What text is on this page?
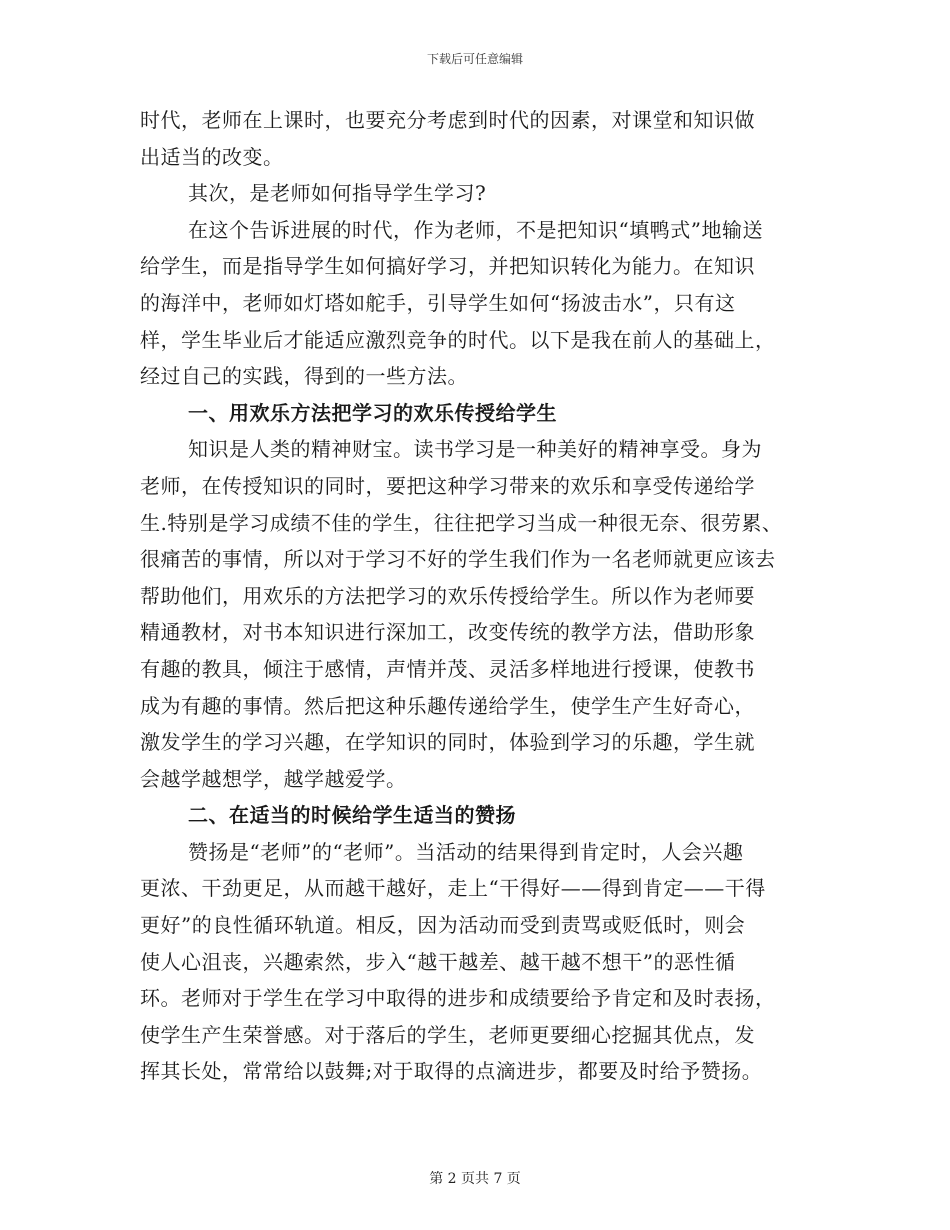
下载后可任意编辑
时代，老师在上课时，也要充分考虑到时代的因素，对课堂和知识做
出适当的改变。
其次，是老师如何指导学生学习?
在这个告诉进展的时代，作为老师，不是把知识“填鸭式”地输送
给学生，而是指导学生如何搞好学习，并把知识转化为能力。在知识
的海洋中，老师如灯塔如舵手，引导学生如何“扬波击水”，只有这
样，学生毕业后才能适应激烈竞争的时代。以下是我在前人的基础上，
经过自己的实践，得到的一些方法。
一、用欢乐方法把学习的欢乐传授给学生
知识是人类的精神财宝。读书学习是一种美好的精神享受。身为
老师，在传授知识的同时，要把这种学习带来的欢乐和享受传递给学
生.特别是学习成绩不佳的学生，往往把学习当成一种很无奈、很劳累、
很痛苦的事情，所以对于学习不好的学生我们作为一名老师就更应该去
帮助他们，用欢乐的方法把学习的欢乐传授给学生。所以作为老师要
精通教材，对书本知识进行深加工，改变传统的教学方法，借助形象
有趣的教具，倾注于感情，声情并茂、灵活多样地进行授课，使教书
成为有趣的事情。然后把这种乐趣传递给学生，使学生产生好奇心，
激发学生的学习兴趣，在学知识的同时，体验到学习的乐趣，学生就
会越学越想学，越学越爱学。
二、在适当的时候给学生适当的赞扬
赞扬是“老师”的“老师”。当活动的结果得到肯定时，人会兴趣
更浓、干劲更足，从而越干越好，走上“干得好——得到肯定——干得
更好”的良性循环轨道。相反，因为活动而受到责骂或贬低时，则会
使人心沮丧，兴趣索然，步入“越干越差、越干越不想干”的恶性循
环。老师对于学生在学习中取得的进步和成绩要给予肯定和及时表扬，
使学生产生荣誉感。对于落后的学生，老师更要细心挖掘其优点，发
挥其长处，常常给以鼓舞;对于取得的点滴进步，都要及时给予赞扬。
第 2 页共 7 页
